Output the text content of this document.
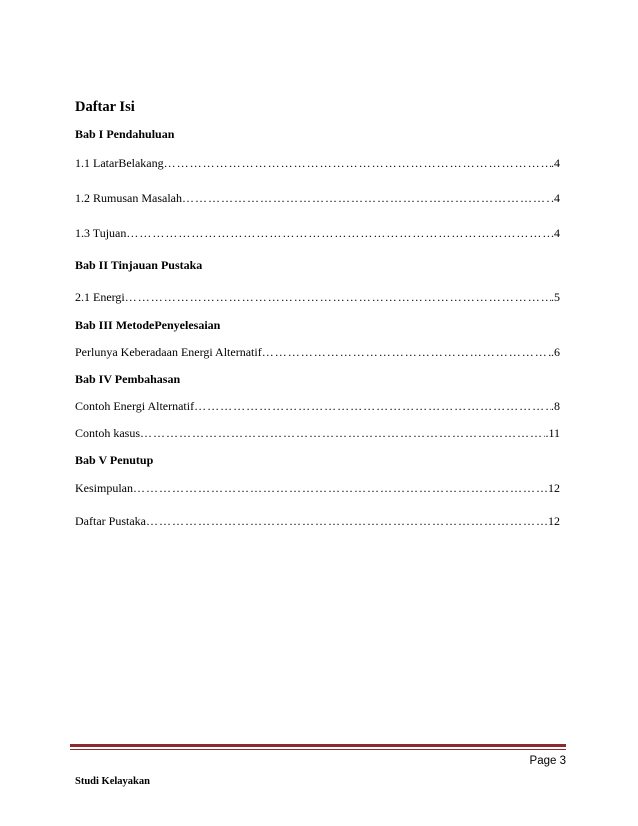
Daftar Isi
Bab I Pendahuluan
1.1 LatarBelakang ………………………………………………………………………………………………………………………………………………	.4
1.2 Rumusan Masalah ………………………………………………………………………………………………………………………………………………	.4
1.3 Tujuan ………………………………………………………………………………………………………………………………………………	.4
Bab II Tinjauan Pustaka
2.1 Energi ………………………………………………………………………………………………………………………………………………	.5
Bab III MetodePenyelesaian
Perlunya Keberadaan Energi Alternatif ………………………………………………………………………………………………………………………………………………	.6
Bab IV Pembahasan
Contoh Energi Alternatif ………………………………………………………………………………………………………………………………………………	.8
Contoh kasus ………………………………………………………………………………………………………………………………………………	.11
Bab V Penutup
Kesimpulan ………………………………………………………………………………………………………………………………………………	12
Daftar Pustaka ………………………………………………………………………………………………………………………………………………	12
Page 3
Studi Kelayakan
